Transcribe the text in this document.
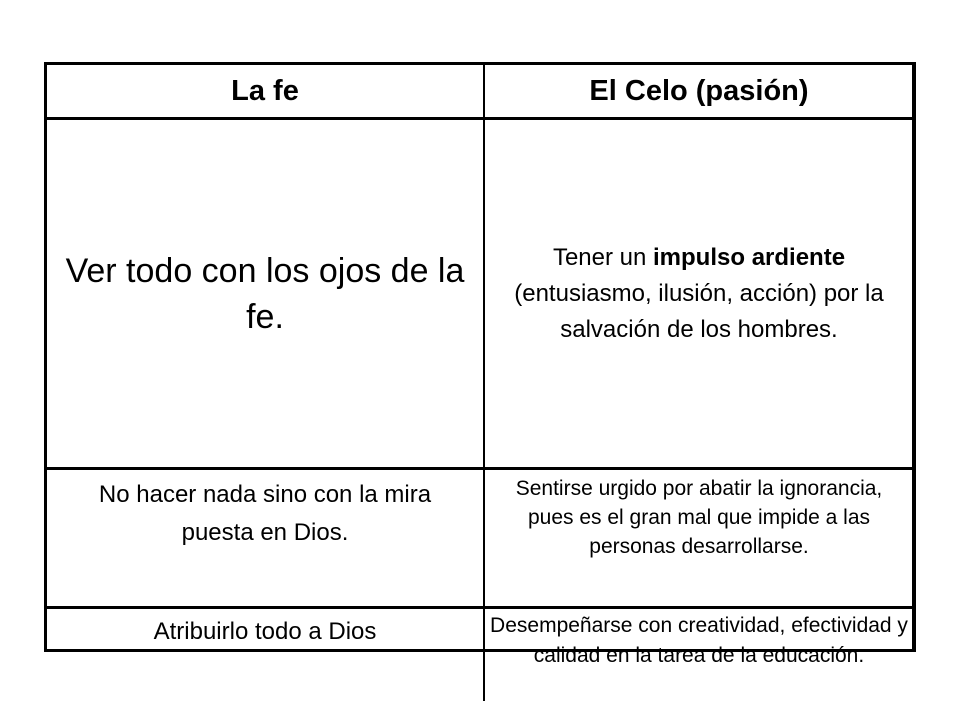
La fe	El Celo (pasión)
Ver todo con los ojos de la fe.
Tener un impulso ardiente (entusiasmo, ilusión, acción) por la salvación de los hombres.
No hacer nada sino con la mira puesta en Dios.
Sentirse urgido por abatir la ignorancia, pues es el gran mal que impide a las personas desarrollarse.
Atribuirlo todo a Dios	Desempeñarse con creatividad, efectividad y calidad en la tarea de la educación.
